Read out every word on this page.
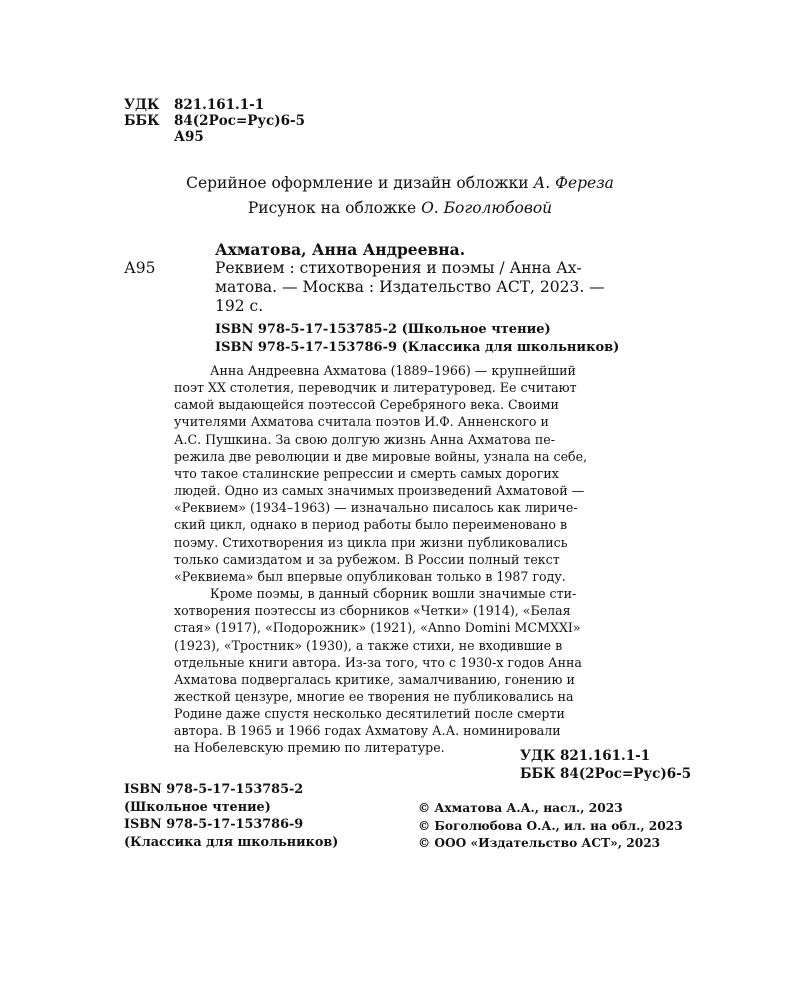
УДК	821.161.1-1
ББК	84(2Рос=Рус)6-5
А95
Серийное оформление и дизайн обложки А. Фереза
Рисунок на обложке О. Боголюбовой
Ахматова, Анна Андреевна.
А95	Реквием : стихотворения и поэмы / Анна Ах-
матова. — Москва : Издательство АСТ, 2023. —
192 с.
ISBN 978-5-17-153785-2 (Школьное чтение)
ISBN 978-5-17-153786-9 (Классика для школьников)
Анна Андреевна Ахматова (1889–1966) — крупнейший
поэт XX столетия, переводчик и литературовед. Ее считают
самой выдающейся поэтессой Серебряного века. Своими
учителями Ахматова считала поэтов И.Ф. Анненского и
А.С. Пушкина. За свою долгую жизнь Анна Ахматова пе-
режила две революции и две мировые войны, узнала на себе,
что такое сталинские репрессии и смерть самых дорогих
людей. Одно из самых значимых произведений Ахматовой —
«Реквием» (1934–1963) — изначально писалось как лириче-
ский цикл, однако в период работы было переименовано в
поэму. Стихотворения из цикла при жизни публиковались
только самиздатом и за рубежом. В России полный текст
«Реквиема» был впервые опубликован только в 1987 году.
Кроме поэмы, в данный сборник вошли значимые сти-
хотворения поэтессы из сборников «Четки» (1914), «Белая
стая» (1917), «Подорожник» (1921), «Anno Domini MCMXXI»
(1923), «Тростник» (1930), а также стихи, не входившие в
отдельные книги автора. Из-за того, что с 1930-х годов Анна
Ахматова подвергалась критике, замалчиванию, гонению и
жесткой цензуре, многие ее творения не публиковались на
Родине даже спустя несколько десятилетий после смерти
автора. В 1965 и 1966 годах Ахматову А.А. номинировали
на Нобелевскую премию по литературе.
УДК 821.161.1-1
ББК 84(2Рос=Рус)6-5
ISBN 978-5-17-153785-2
(Школьное чтение)
ISBN 978-5-17-153786-9
(Классика для школьников)
© Ахматова А.А., насл., 2023
© Боголюбова О.А., ил. на обл., 2023
© ООО «Издательство АСТ», 2023
